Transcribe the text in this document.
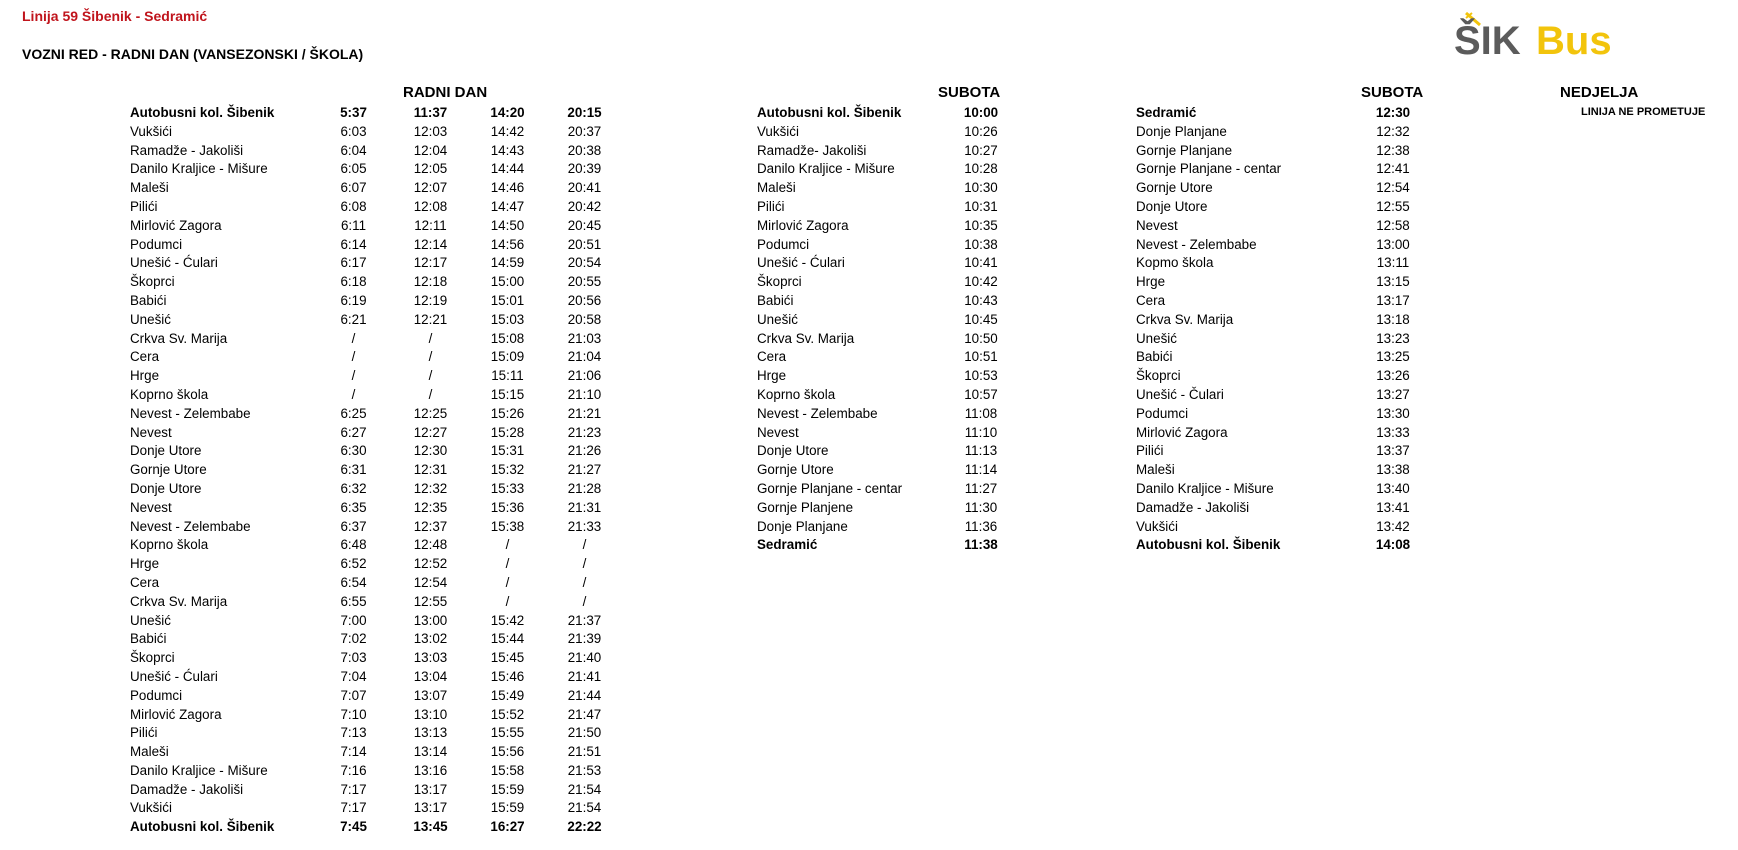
Linija 59 Šibenik - Sedramić
VOZNI RED - RADNI DAN (VANSEZONSKI / ŠKOLA)	ŠIK Bus
RADNI DAN	SUBOTA	SUBOTA	NEDJELJA
LINIJA NE PROMETUJE
Autobusni kol. Šibenik	5:37	11:37	14:20	20:15
Vukšići	6:03	12:03	14:42	20:37
Ramadže - Jakoliši	6:04	12:04	14:43	20:38
Danilo Kraljice - Mišure	6:05	12:05	14:44	20:39
Maleši	6:07	12:07	14:46	20:41
Pilići	6:08	12:08	14:47	20:42
Mirlović Zagora	6:11	12:11	14:50	20:45
Podumci	6:14	12:14	14:56	20:51
Unešić - Ćulari	6:17	12:17	14:59	20:54
Škoprci	6:18	12:18	15:00	20:55
Babići	6:19	12:19	15:01	20:56
Unešić	6:21	12:21	15:03	20:58
Crkva Sv. Marija	/	/	15:08	21:03
Cera	/	/	15:09	21:04
Hrge	/	/	15:11	21:06
Koprno škola	/	/	15:15	21:10
Nevest - Zelembabe	6:25	12:25	15:26	21:21
Nevest	6:27	12:27	15:28	21:23
Donje Utore	6:30	12:30	15:31	21:26
Gornje Utore	6:31	12:31	15:32	21:27
Donje Utore	6:32	12:32	15:33	21:28
Nevest	6:35	12:35	15:36	21:31
Nevest - Zelembabe	6:37	12:37	15:38	21:33
Koprno škola	6:48	12:48	/	/
Hrge	6:52	12:52	/	/
Cera	6:54	12:54	/	/
Crkva Sv. Marija	6:55	12:55	/	/
Unešić	7:00	13:00	15:42	21:37
Babići	7:02	13:02	15:44	21:39
Škoprci	7:03	13:03	15:45	21:40
Unešić - Ćulari	7:04	13:04	15:46	21:41
Podumci	7:07	13:07	15:49	21:44
Mirlović Zagora	7:10	13:10	15:52	21:47
Pilići	7:13	13:13	15:55	21:50
Maleši	7:14	13:14	15:56	21:51
Danilo Kraljice - Mišure	7:16	13:16	15:58	21:53
Damadže - Jakoliši	7:17	13:17	15:59	21:54
Vukšići	7:17	13:17	15:59	21:54
Autobusni kol. Šibenik	7:45	13:45	16:27	22:22
Autobusni kol. Šibenik	10:00
Vukšići	10:26
Ramadže- Jakoliši	10:27
Danilo Kraljice - Mišure	10:28
Maleši	10:30
Pilići	10:31
Mirlović Zagora	10:35
Podumci	10:38
Unešić - Ćulari	10:41
Škoprci	10:42
Babići	10:43
Unešić	10:45
Crkva Sv. Marija	10:50
Cera	10:51
Hrge	10:53
Koprno škola	10:57
Nevest - Zelembabe	11:08
Nevest	11:10
Donje Utore	11:13
Gornje Utore	11:14
Gornje Planjane - centar	11:27
Gornje Planjene	11:30
Donje Planjane	11:36
Sedramić	11:38
Sedramić	12:30
Donje Planjane	12:32
Gornje Planjane	12:38
Gornje Planjane - centar	12:41
Gornje Utore	12:54
Donje Utore	12:55
Nevest	12:58
Nevest - Zelembabe	13:00
Kopmo škola	13:11
Hrge	13:15
Cera	13:17
Crkva Sv. Marija	13:18
Unešić	13:23
Babići	13:25
Škoprci	13:26
Unešić - Čulari	13:27
Podumci	13:30
Mirlović Zagora	13:33
Pilići	13:37
Maleši	13:38
Danilo Kraljice - Mišure	13:40
Damadže - Jakoliši	13:41
Vukšići	13:42
Autobusni kol. Šibenik	14:08
